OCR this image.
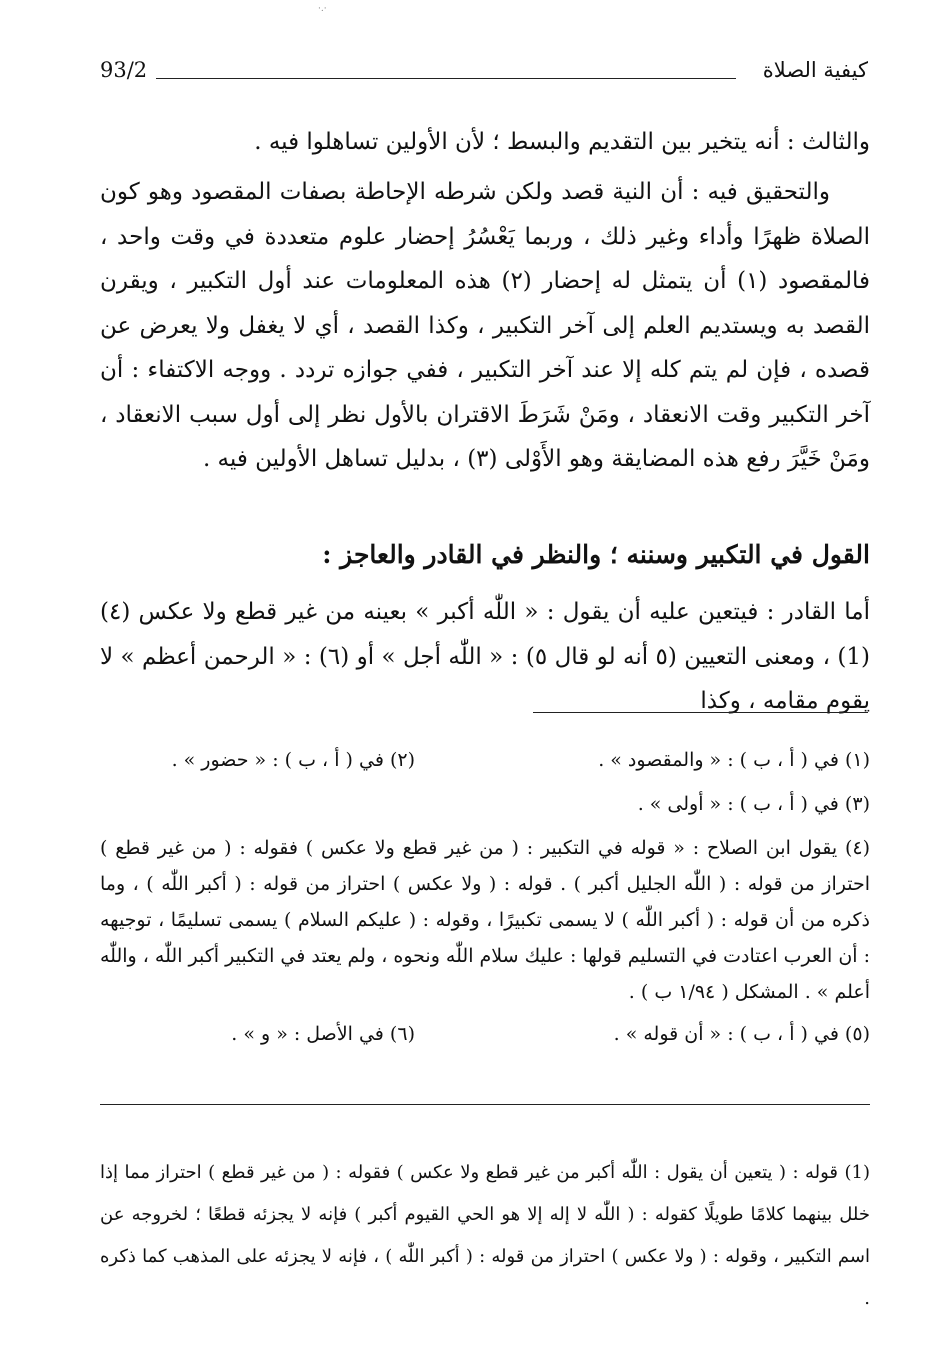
·.·
93/2	كيفية الصلاة

والثالث : أنه يتخير بين التقديم والبسط ؛ لأن الأولين تساهلوا فيه .

والتحقيق فيه : أن النية قصد ولكن شرطه الإحاطة بصفات المقصود وهو كون الصلاة ظهرًا وأداء وغير ذلك ، وربما يَعْسُرُ إحضار علوم متعددة في وقت واحد ، فالمقصود (١) أن يتمثل له إحضار (٢) هذه المعلومات عند أول التكبير ، ويقرن القصد به ويستديم العلم إلى آخر التكبير ، وكذا القصد ، أي لا يغفل ولا يعرض عن قصده ، فإن لم يتم كله إلا عند آخر التكبير ، ففي جوازه تردد . ووجه الاكتفاء : أن آخر التكبير وقت الانعقاد ، ومَنْ شَرَطَ الاقتران بالأول نظر إلى أول سبب الانعقاد ، ومَنْ خَيَّرَ رفع هذه المضايقة وهو الأَوْلى (٣) ، بدليل تساهل الأولين فيه .

القول في التكبير وسننه ؛ والنظر في القادر والعاجز :

أما القادر : فيتعين عليه أن يقول : « اللّٰه أكبر » بعينه من غير قطع ولا عكس (٤)(1) ، ومعنى التعيين (٥ أنه لو قال ٥) : « اللّٰه أجل » أو (٦) : « الرحمن أعظم » لا يقوم مقامه ، وكذا

(١) في ( أ ، ب ) : « والمقصود » .
(٢) في ( أ ، ب ) : « حضور » .
(٣) في ( أ ، ب ) : « أولى » .
(٤) يقول ابن الصلاح : « قوله في التكبير : ( من غير قطع ولا عكس ) فقوله : ( من غير قطع ) احتراز من قوله : ( اللّٰه الجليل أكبر ) . قوله : ( ولا عكس ) احتراز من قوله : ( أكبر اللّٰه ) ، وما ذكره من أن قوله : ( أكبر اللّٰه ) لا يسمى تكبيرًا ، وقوله : ( عليكم السلام ) يسمى تسليمًا ، توجيهه : أن العرب اعتادت في التسليم قولها : عليك سلام اللّٰه ونحوه ، ولم يعتد في التكبير أكبر اللّٰه ، واللّٰه أعلم » . المشكل ( ١/٩٤ ب ) .
(٥) في ( أ ، ب ) : « أن قوله » .
(٦) في الأصل : « و » .
(1) قوله : ( يتعين أن يقول : اللّٰه أكبر من غير قطع ولا عكس ) فقوله : ( من غير قطع ) احتراز مما إذا خلل بينهما كلامًا طويلًا كقوله : ( اللّٰه لا إله إلا هو الحي القيوم أكبر ) فإنه لا يجزئه قطعًا ؛ لخروجه عن اسم التكبير ، وقوله : ( ولا عكس ) احتراز من قوله : ( أكبر اللّٰه ) ، فإنه لا يجزئه على المذهب كما ذكره .
